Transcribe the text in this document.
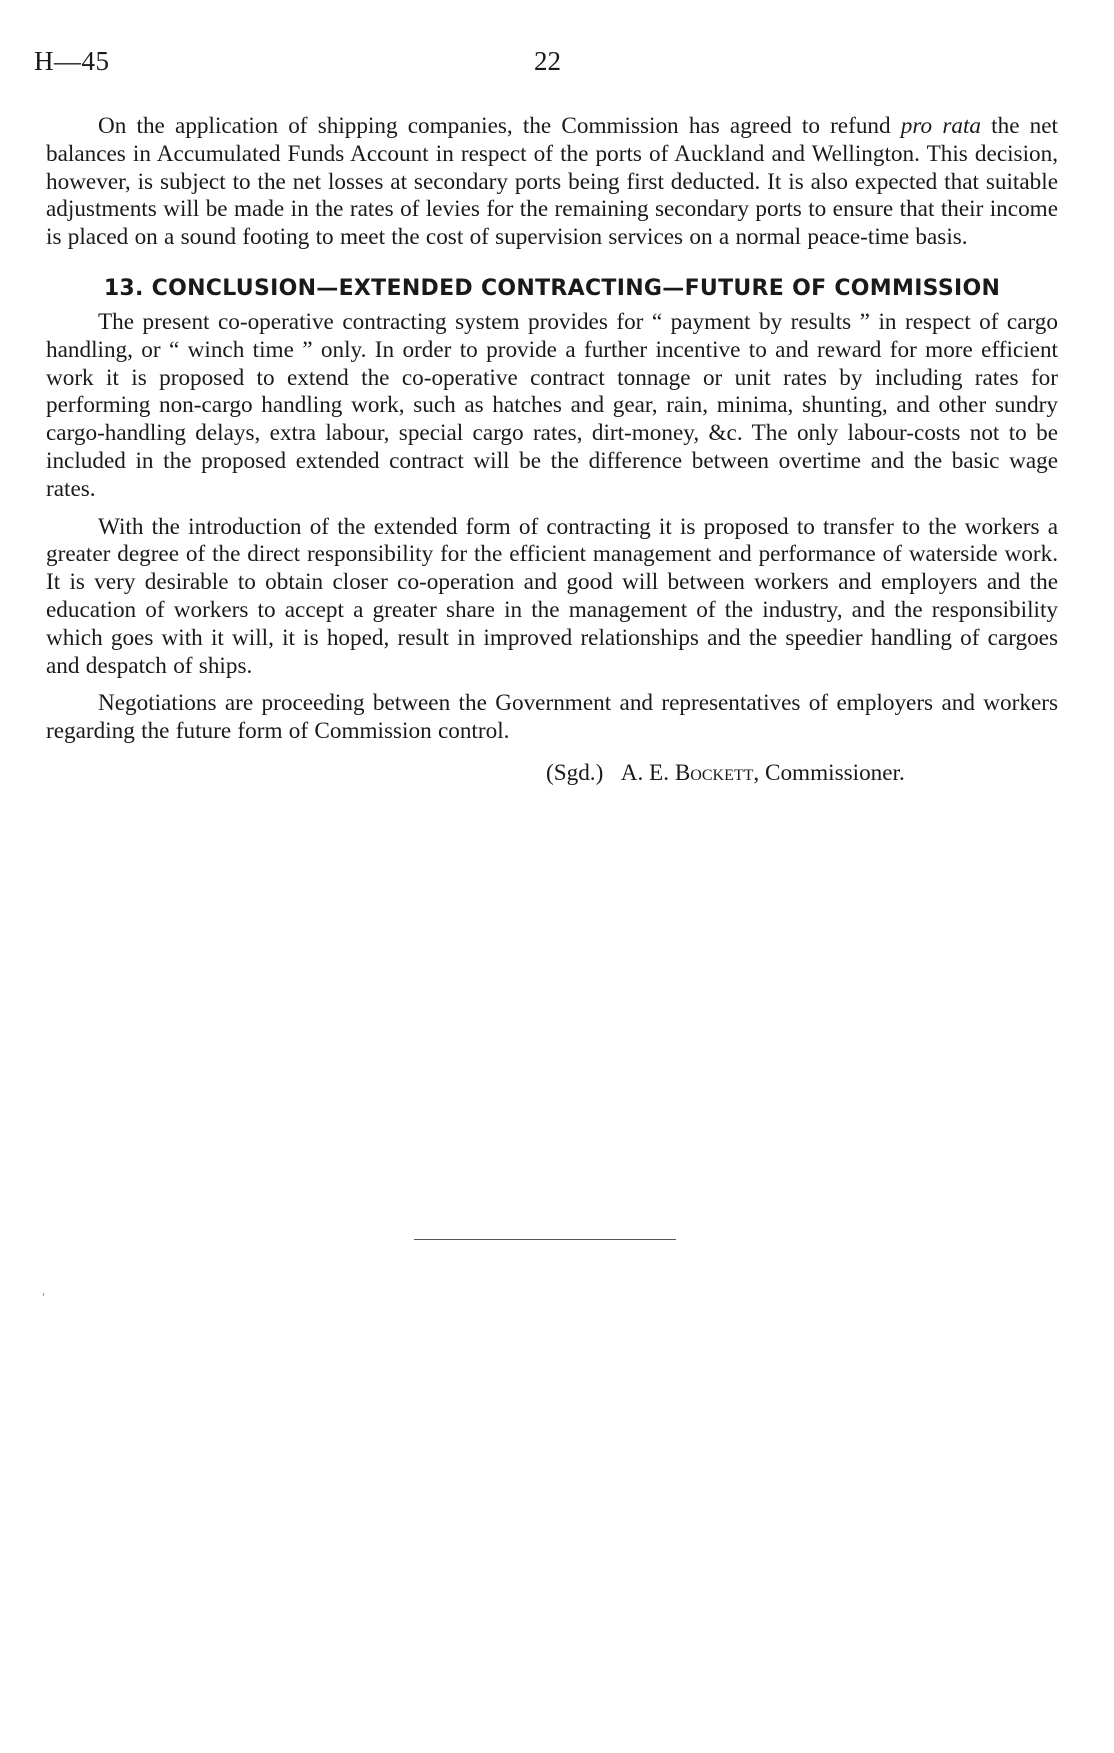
H—45	22

On the application of shipping companies, the Commission has agreed to refund pro rata the net balances in Accumulated Funds Account in respect of the ports of Auckland and Wellington. This decision, however, is subject to the net losses at secondary ports being first deducted. It is also expected that suitable adjustments will be made in the rates of levies for the remaining secondary ports to ensure that their income is placed on a sound footing to meet the cost of supervision services on a normal peace-time basis.

13. CONCLUSION—EXTENDED CONTRACTING—FUTURE OF COMMISSION

The present co-operative contracting system provides for “ payment by results ” in respect of cargo handling, or “ winch time ” only. In order to provide a further incentive to and reward for more efficient work it is proposed to extend the co-operative contract tonnage or unit rates by including rates for performing non-cargo handling work, such as hatches and gear, rain, minima, shunting, and other sundry cargo-handling delays, extra labour, special cargo rates, dirt-money, &c. The only labour-costs not to be included in the proposed extended contract will be the difference between overtime and the basic wage rates.

With the introduction of the extended form of contracting it is proposed to transfer to the workers a greater degree of the direct responsibility for the efficient management and performance of waterside work. It is very desirable to obtain closer co-operation and good will between workers and employers and the education of workers to accept a greater share in the management of the industry, and the responsibility which goes with it will, it is hoped, result in improved relationships and the speedier handling of cargoes and despatch of ships.

Negotiations are proceeding between the Government and representatives of employers and workers regarding the future form of Commission control.

(Sgd.) A. E. Bockett, Commissioner.
